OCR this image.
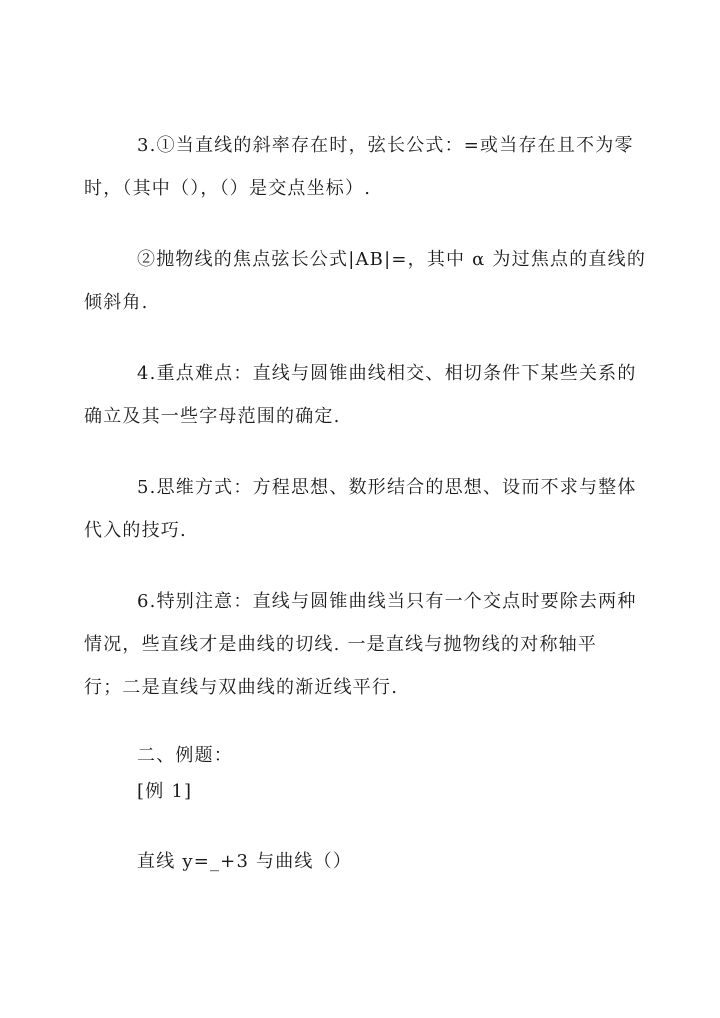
3.①当直线的斜率存在时，弦长公式：=或当存在且不为零
时，（其中（），（）是交点坐标）.
②抛物线的焦点弦长公式|AB|=，其中 α 为过焦点的直线的
倾斜角.
4.重点难点：直线与圆锥曲线相交、相切条件下某些关系的
确立及其一些字母范围的确定.
5.思维方式：方程思想、数形结合的思想、设而不求与整体
代入的技巧.
6.特别注意：直线与圆锥曲线当只有一个交点时要除去两种
情况，些直线才是曲线的切线. 一是直线与抛物线的对称轴平
行；二是直线与双曲线的渐近线平行.
二、例题：
[例 1]
直线 y=_+3 与曲线（）
